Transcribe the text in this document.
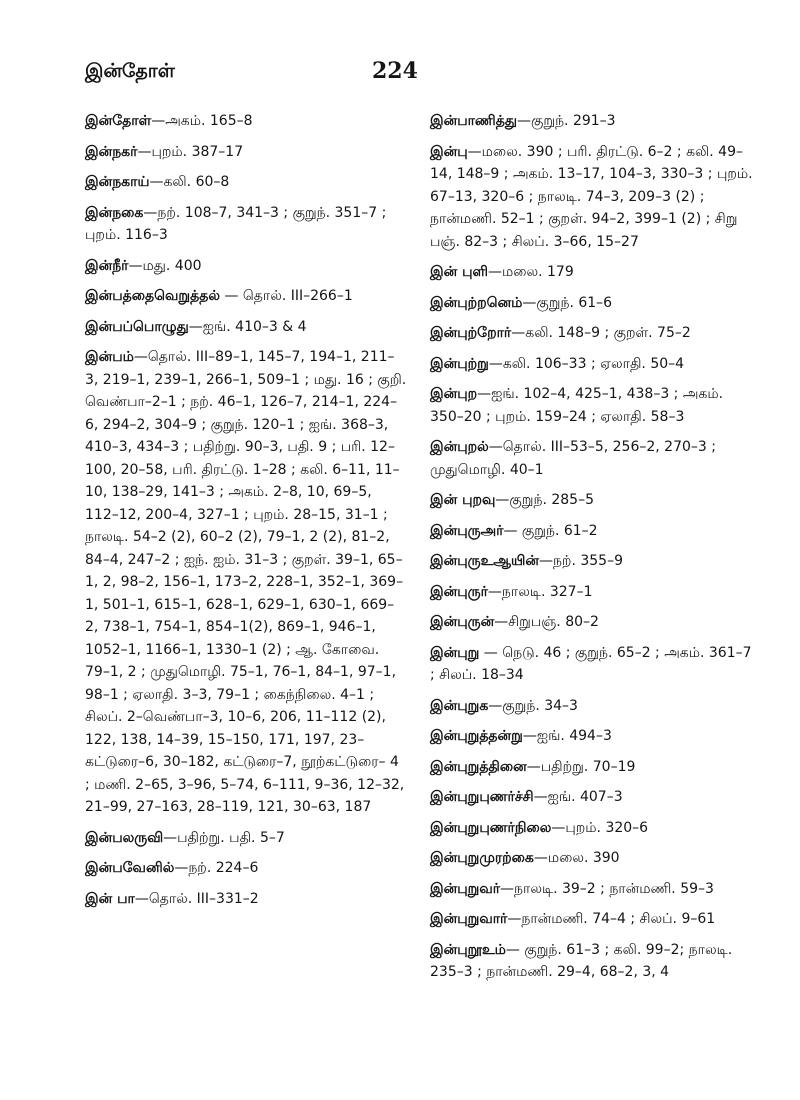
இன்தோள்	224
இன்தோள்—அகம். 165–8
இன்நகர்—புறம். 387–17
இன்நகாய்—கலி. 60–8
இன்நகை—நற். 108–7, 341–3 ; குறுந். 351–7 ; புறம். 116–3
இன்நீர்—மது. 400
இன்பத்தைவெறுத்தல் — தொல். III–266–1
இன்பப்பொழுது—ஐங். 410–3 & 4
இன்பம்—தொல். III–89–1, 145–7, 194–1, 211–3, 219–1, 239–1, 266–1, 509–1 ; மது. 16 ; குறி. வெண்பா–2–1 ; நற். 46–1, 126–7, 214–1, 224–6, 294–2, 304–9 ; குறுந். 120–1 ; ஐங். 368–3, 410–3, 434–3 ; பதிற்று. 90–3, பதி. 9 ; பரி. 12–100, 20–58, பரி. திரட்டு. 1–28 ; கலி. 6–11, 11–10, 138–29, 141–3 ; அகம். 2–8, 10, 69–5, 112–12, 200–4, 327–1 ; புறம். 28–15, 31–1 ; நாலடி. 54–2 (2), 60–2 (2), 79–1, 2 (2), 81–2, 84–4, 247–2 ; ஐந். ஐம். 31–3 ; குறள். 39–1, 65–1, 2, 98–2, 156–1, 173–2, 228–1, 352–1, 369–1, 501–1, 615–1, 628–1, 629–1, 630–1, 669–2, 738–1, 754–1, 854–1(2), 869–1, 946–1, 1052–1, 1166–1, 1330–1 (2) ; ஆ. கோவை. 79–1, 2 ; முதுமொழி. 75–1, 76–1, 84–1, 97–1, 98–1 ; ஏலாதி. 3–3, 79–1 ; கைந்நிலை. 4–1 ; சிலப். 2–வெண்பா–3, 10–6, 206, 11–112 (2), 122, 138, 14–39, 15–150, 171, 197, 23–கட்டுரை–6, 30–182, கட்டுரை–7, நூற்கட்டுரை– 4 ; மணி. 2–65, 3–96, 5–74, 6–111, 9–36, 12–32, 21–99, 27–163, 28–119, 121, 30–63, 187
இன்பலருவி—பதிற்று. பதி. 5–7
இன்பவேனில்—நற். 224–6
இன் பா—தொல். III–331–2
இன்பாணித்து—குறுந். 291–3
இன்பு—மலை. 390 ; பரி. திரட்டு. 6–2 ; கலி. 49–14, 148–9 ; அகம். 13–17, 104–3, 330–3 ; புறம். 67–13, 320–6 ; நாலடி. 74–3, 209–3 (2) ; நான்மணி. 52–1 ; குறள். 94–2, 399–1 (2) ; சிறு பஞ். 82–3 ; சிலப். 3–66, 15–27
இன் புளி—மலை. 179
இன்புற்றனெம்—குறுந். 61–6
இன்புற்றோர்—கலி. 148–9 ; குறள். 75–2
இன்புற்று—கலி. 106–33 ; ஏலாதி. 50–4
இன்புற—ஐங். 102–4, 425–1, 438–3 ; அகம். 350–20 ; புறம். 159–24 ; ஏலாதி. 58–3
இன்புறல்—தொல். III–53–5, 256–2, 270–3 ; முதுமொழி. 40–1
இன் புறவு—குறுந். 285–5
இன்புருஅர்— குறுந். 61–2
இன்புருஉஆயின்—நற். 355–9
இன்புருர்—நாலடி. 327–1
இன்புருன்—சிறுபஞ். 80–2
இன்புறு — நெடு. 46 ; குறுந். 65–2 ; அகம். 361–7 ; சிலப். 18–34
இன்புறுக—குறுந். 34–3
இன்புறுத்தன்று—ஐங். 494–3
இன்புறுத்தினை—பதிற்று. 70–19
இன்புறுபுணர்ச்சி—ஐங். 407–3
இன்புறுபுணர்நிலை—புறம். 320–6
இன்புறுமுரற்கை—மலை. 390
இன்புறுவர்—நாலடி. 39–2 ; நான்மணி. 59–3
இன்புறுவார்—நான்மணி. 74–4 ; சிலப். 9–61
இன்புறூஉம்— குறுந். 61–3 ; கலி. 99–2; நாலடி. 235–3 ; நான்மணி. 29–4, 68–2, 3, 4
